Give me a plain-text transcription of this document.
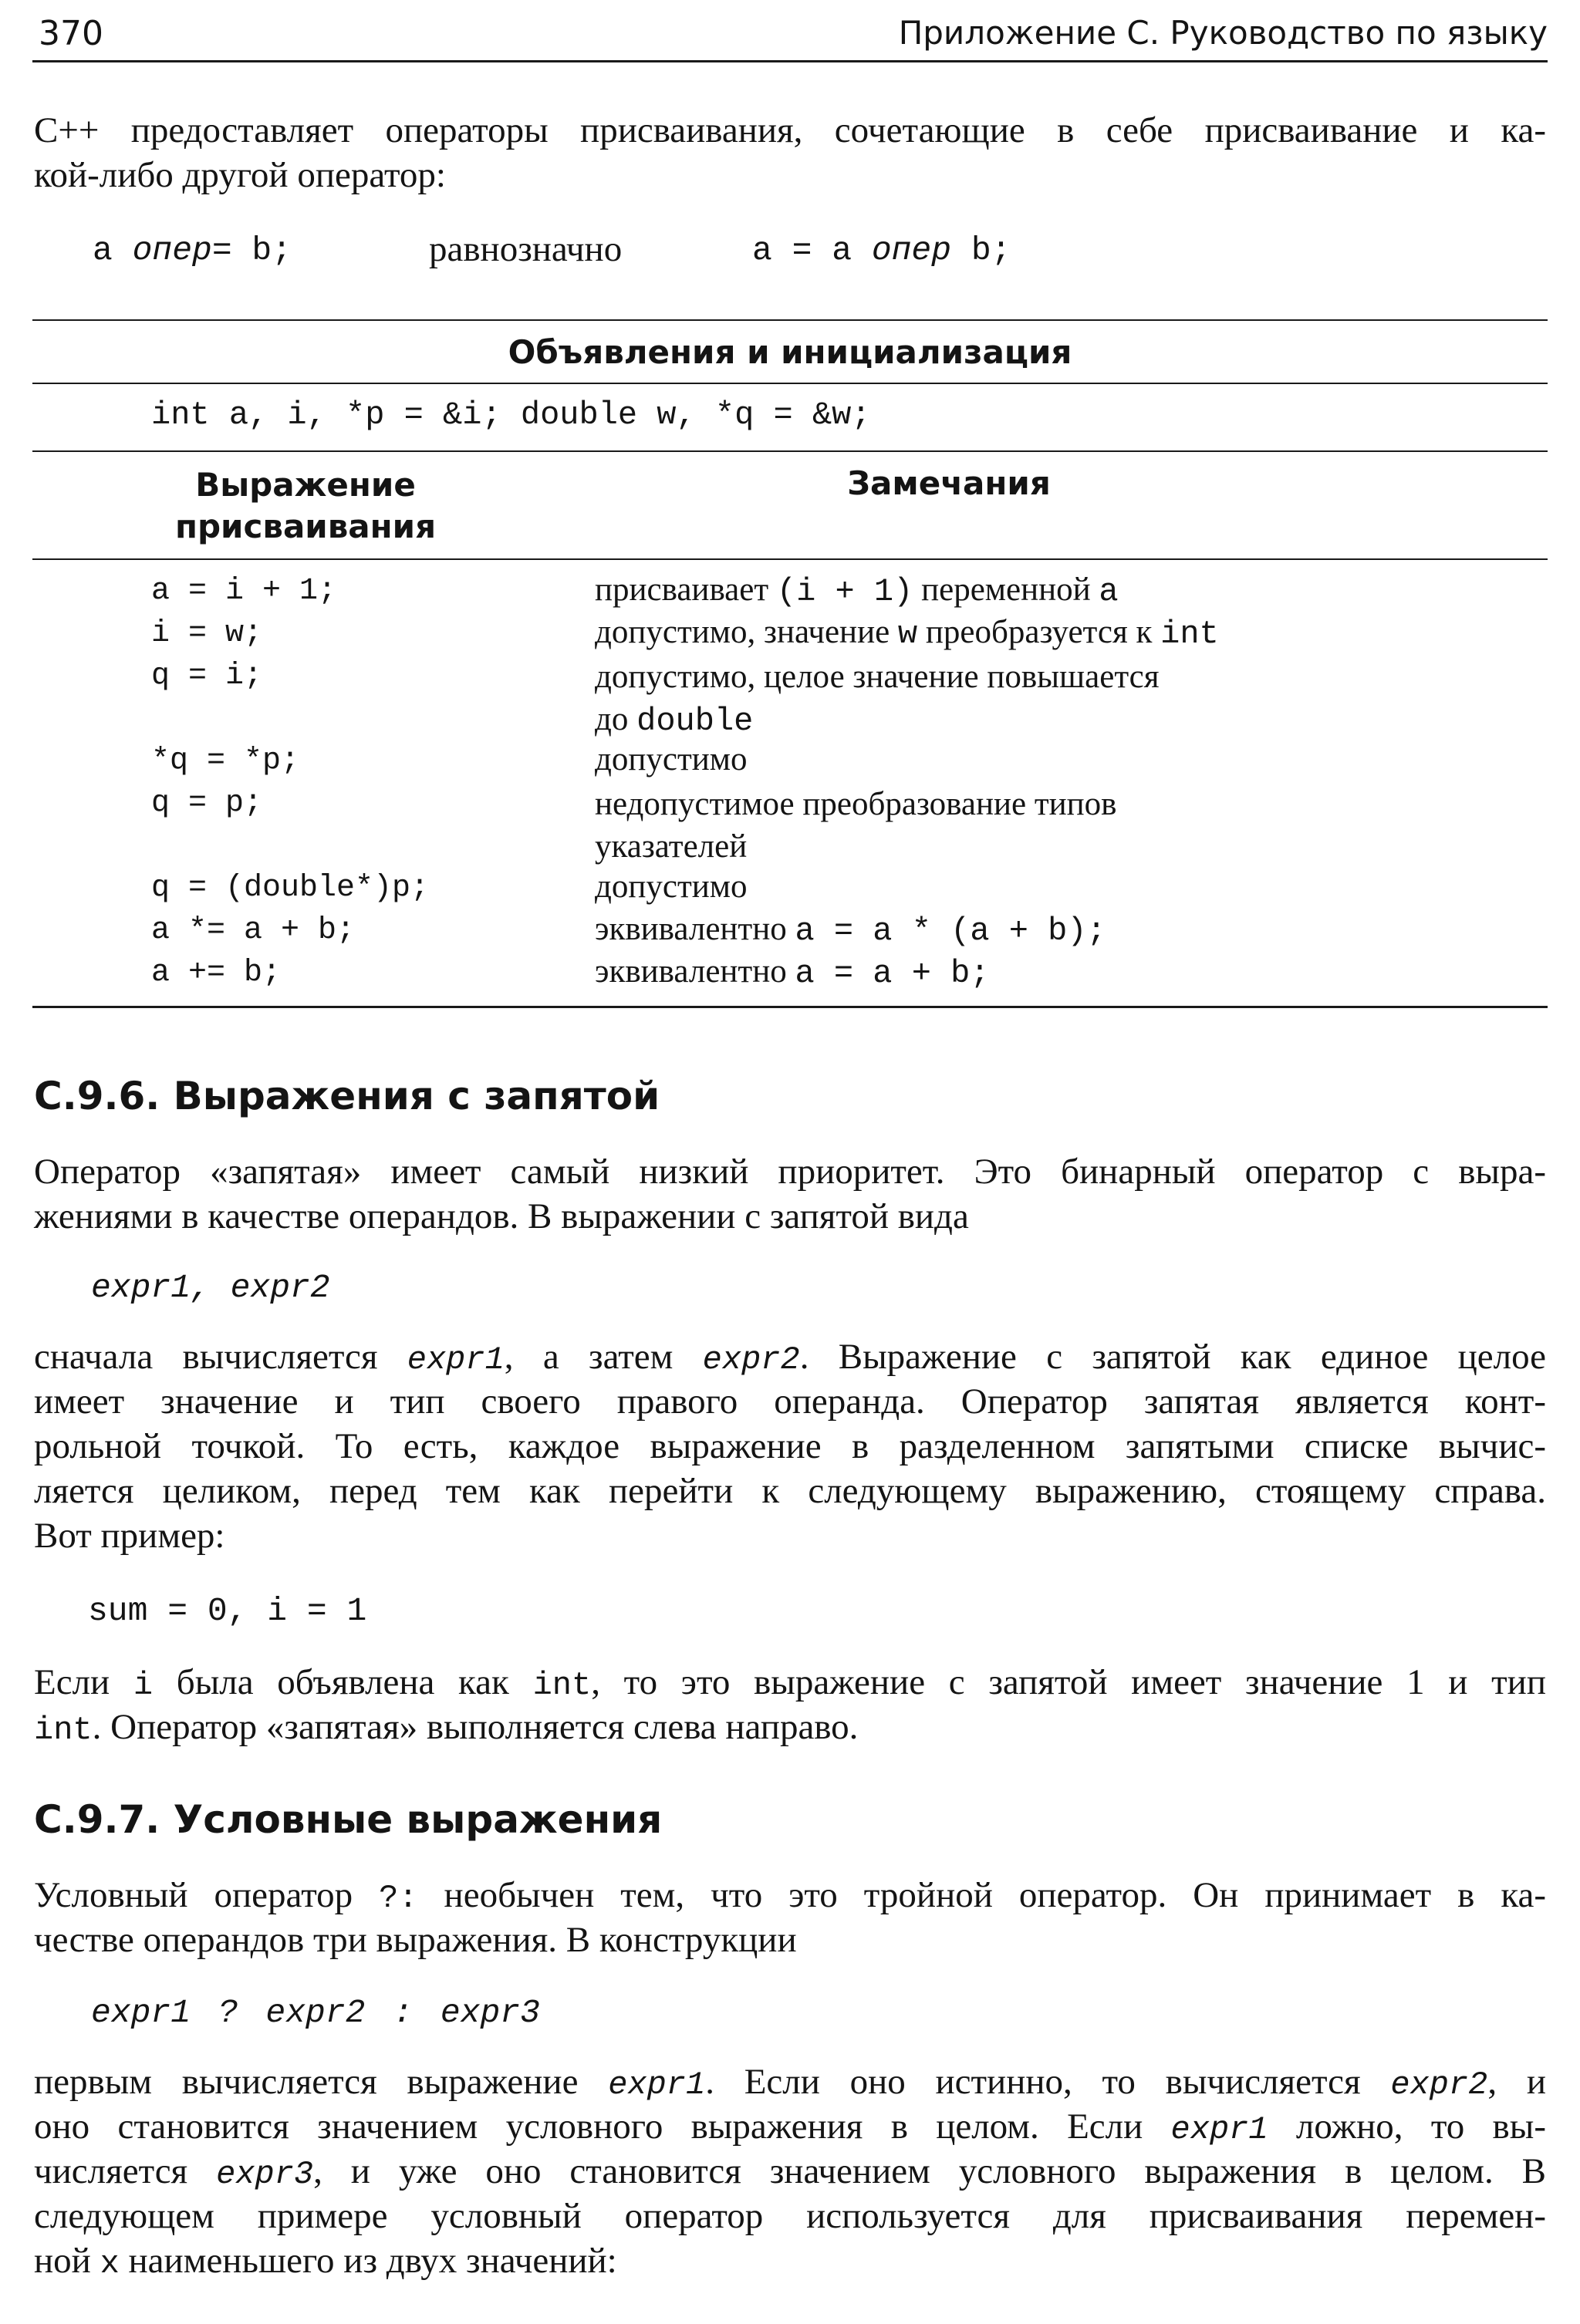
370	Приложение С. Руководство по языку
C++ предоставляет операторы присваивания, сочетающие в себе присваивание и ка-
кой-либо другой оператор:
a опер= b;	равнозначно	a = a опер b;
Объявления и инициализация
int a, i, *p = &i; double w, *q = &w;
Выражение
присваивания
Замечания
a = i + 1;	присваивает (i + 1) переменной a
i = w;	допустимо, значение w преобразуется к int
q = i;	допустимо, целое значение повышается
до double
*q = *p;	допустимо
q = p;	недопустимое преобразование типов
указателей
q = (double*)p;	допустимо
a *= a + b;	эквивалентно a = a * (a + b);
a += b;	эквивалентно a = a + b;
С.9.6. Выражения с запятой
Оператор «запятая» имеет самый низкий приоритет. Это бинарный оператор с выра-
жениями в качестве операндов. В выражении с запятой вида
expr1, expr2
сначала вычисляется expr1, а затем expr2. Выражение с запятой как единое целое
имеет значение и тип своего правого операнда. Оператор запятая является конт-
рольной точкой. То есть, каждое выражение в разделенном запятыми списке вычис-
ляется целиком, перед тем как перейти к следующему выражению, стоящему справа.
Вот пример:
sum = 0, i = 1
Если i была объявлена как int, то это выражение с запятой имеет значение 1 и тип
int. Оператор «запятая» выполняется слева направо.
С.9.7. Условные выражения
Условный оператор ?: необычен тем, что это тройной оператор. Он принимает в ка-
честве операндов три выражения. В конструкции
expr1 ? expr2 : expr3
первым вычисляется выражение expr1. Если оно истинно, то вычисляется expr2, и
оно становится значением условного выражения в целом. Если expr1 ложно, то вы-
числяется expr3, и уже оно становится значением условного выражения в целом. В
следующем примере условный оператор используется для присваивания перемен-
ной x наименьшего из двух значений:
